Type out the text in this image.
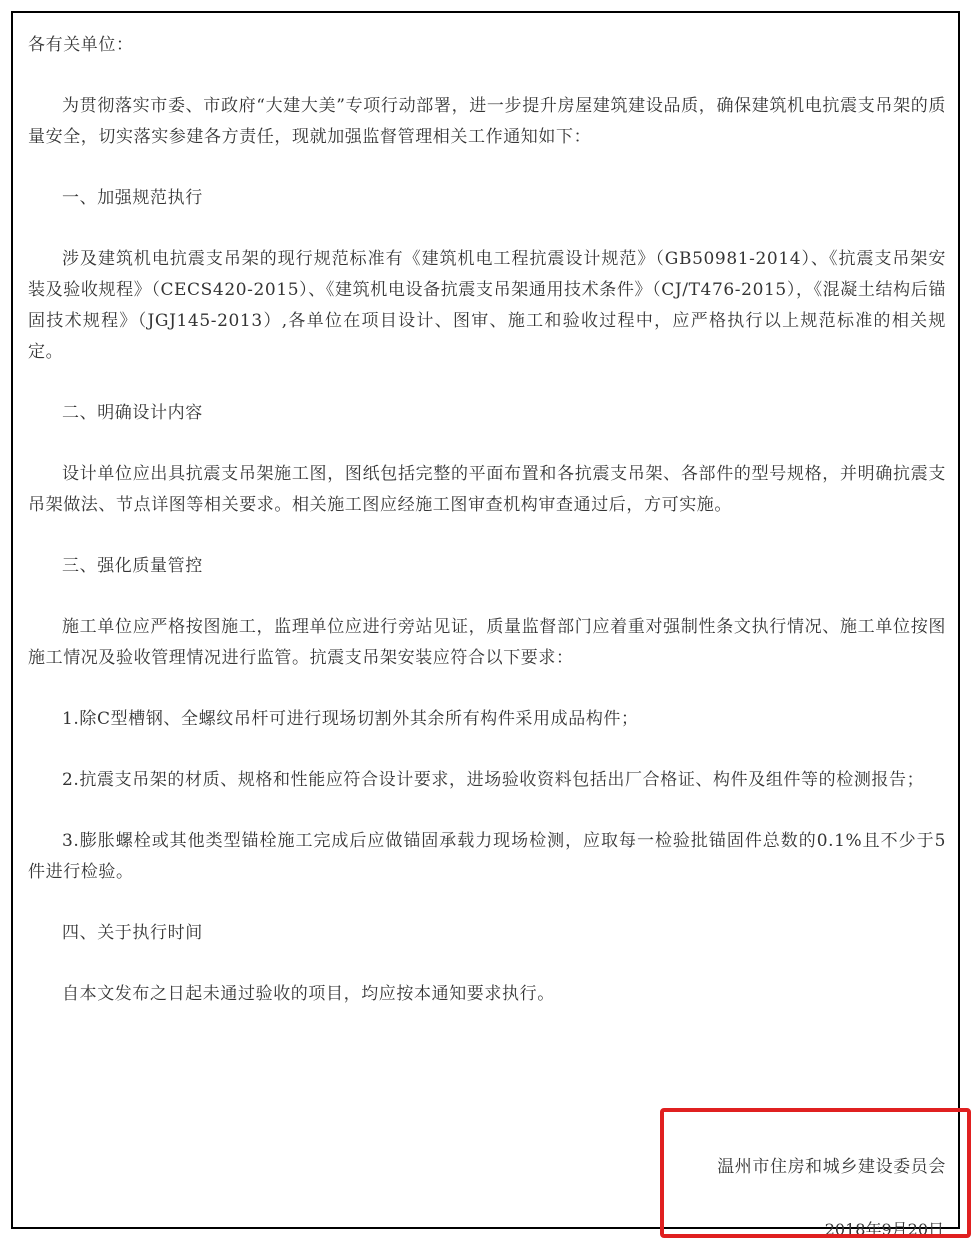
各有关单位：

为贯彻落实市委、市政府“大建大美”专项行动部署，进一步提升房屋建筑建设品质，确保建筑机电抗震支吊架的质量安全，切实落实参建各方责任，现就加强监督管理相关工作通知如下：

一、加强规范执行

涉及建筑机电抗震支吊架的现行规范标准有《建筑机电工程抗震设计规范》（GB50981-2014）、《抗震支吊架安装及验收规程》（CECS420-2015）、《建筑机电设备抗震支吊架通用技术条件》（CJ/T476-2015），《混凝土结构后锚固技术规程》（JGJ145-2013）,各单位在项目设计、图审、施工和验收过程中，应严格执行以上规范标准的相关规定。

二、明确设计内容

设计单位应出具抗震支吊架施工图，图纸包括完整的平面布置和各抗震支吊架、各部件的型号规格，并明确抗震支吊架做法、节点详图等相关要求。相关施工图应经施工图审查机构审查通过后，方可实施。

三、强化质量管控

施工单位应严格按图施工，监理单位应进行旁站见证，质量监督部门应着重对强制性条文执行情况、施工单位按图施工情况及验收管理情况进行监管。抗震支吊架安装应符合以下要求：

1.除C型槽钢、全螺纹吊杆可进行现场切割外其余所有构件采用成品构件；

2.抗震支吊架的材质、规格和性能应符合设计要求，进场验收资料包括出厂合格证、构件及组件等的检测报告；

3.膨胀螺栓或其他类型锚栓施工完成后应做锚固承载力现场检测，应取每一检验批锚固件总数的0.1%且不少于5件进行检验。

四、关于执行时间

自本文发布之日起未通过验收的项目，均应按本通知要求执行。

温州市住房和城乡建设委员会
2018年9月20日
